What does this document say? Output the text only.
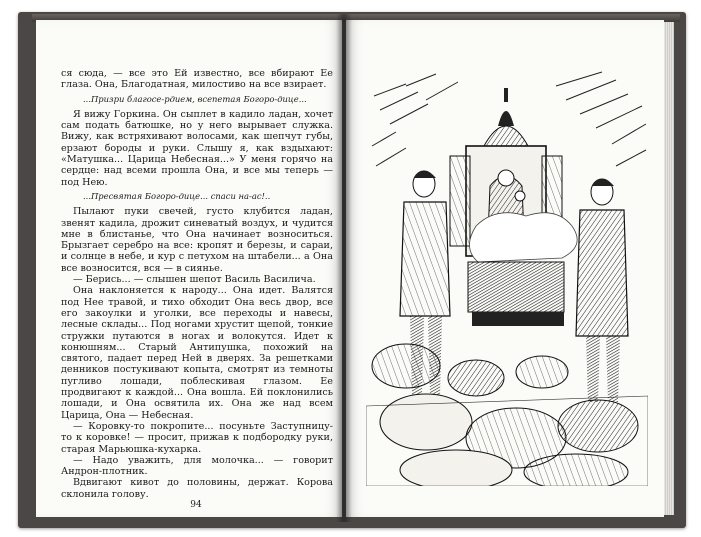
ся сюда, — все это Ей известно, все вбирают Ее глаза. Она, Благодатная, милостиво на все взирает.

...Призри благосе-рдием, всепетая Богоро-дице...

Я вижу Горкина. Он сыплет в кадило ладан, хочет сам подать батюшке, но у него вырывает служка. Вижу, как встряхивают волосами, как шепчут губы, ерзают бороды и руки. Слышу я, как вздыхают: «Матушка... Царица Небесная...» У меня горячо на сердце: над всеми прошла Она, и все мы теперь — под Нею.

...Пресвятая Богоро-дице... спаси на-ас!..

Пылают пуки свечей, густо клубится ладан, звенят кадила, дрожит синеватый воздух, и чудится мне в блистанье, что Она начинает возноситься. Брызгает серебро на все: кропят и березы, и сараи, и солнце в небе, и кур с петухом на штабели... а Она все возносится, вся — в сиянье.

— Берись... — слышен шепот Василь Василича.

Она наклоняется к народу... Она идет. Валятся под Нее травой, и тихо обходит Она весь двор, все его закоулки и уголки, все переходы и навесы, лесные склады... Под ногами хрустит щепой, тонкие стружки путаются в ногах и волокутся. Идет к конюшням... Старый Антипушка, похожий на святого, падает перед Ней в дверях. За решетками денников постукивают копыта, смотрят из темноты пугливо лошади, поблескивая глазом. Ее продвигают к каждой... Она вошла. Ей поклонились лошади, и Она освятила их. Она же над всем Царица, Она — Небесная.

— Коровку-то покропите... посуньте Заступницу-то к коровке! — просит, прижав к подбородку руки, старая Марьюшка-кухарка.

— Надо уважить, для молочка... — говорит Андрон-плотник.

Вдвигают кивот до половины, держат. Корова склонила голову.

94
